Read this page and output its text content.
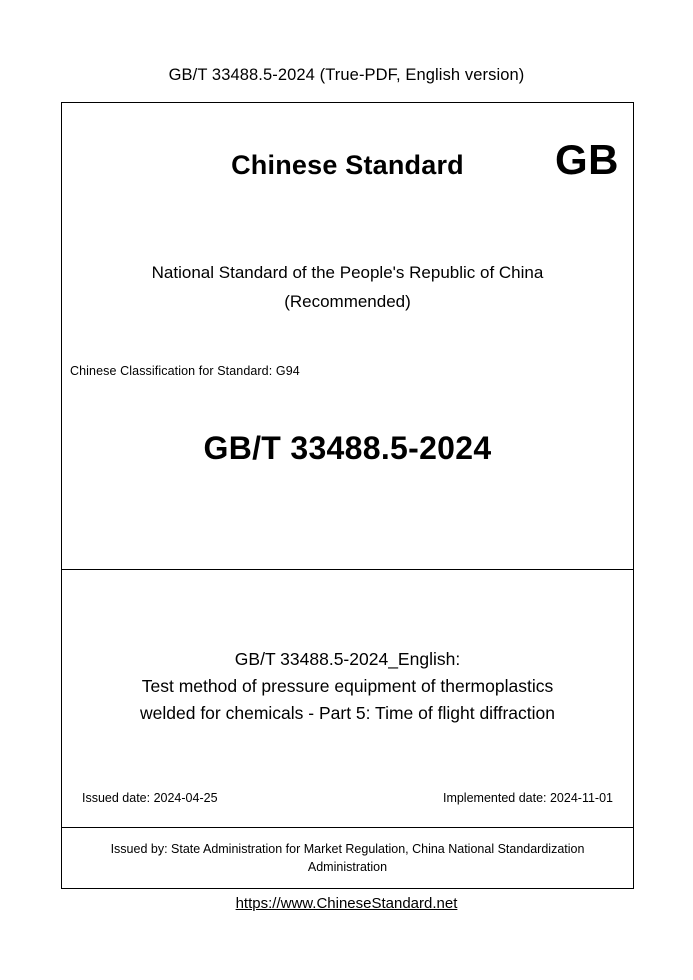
GB/T 33488.5-2024 (True-PDF, English version)
Chinese Standard	GB
National Standard of the People's Republic of China
(Recommended)
Chinese Classification for Standard: G94
GB/T 33488.5-2024
GB/T 33488.5-2024_English:
Test method of pressure equipment of thermoplastics
welded for chemicals - Part 5: Time of flight diffraction
Issued date: 2024-04-25	Implemented date: 2024-11-01
Issued by: State Administration for Market Regulation, China National Standardization Administration
https://www.ChineseStandard.net
